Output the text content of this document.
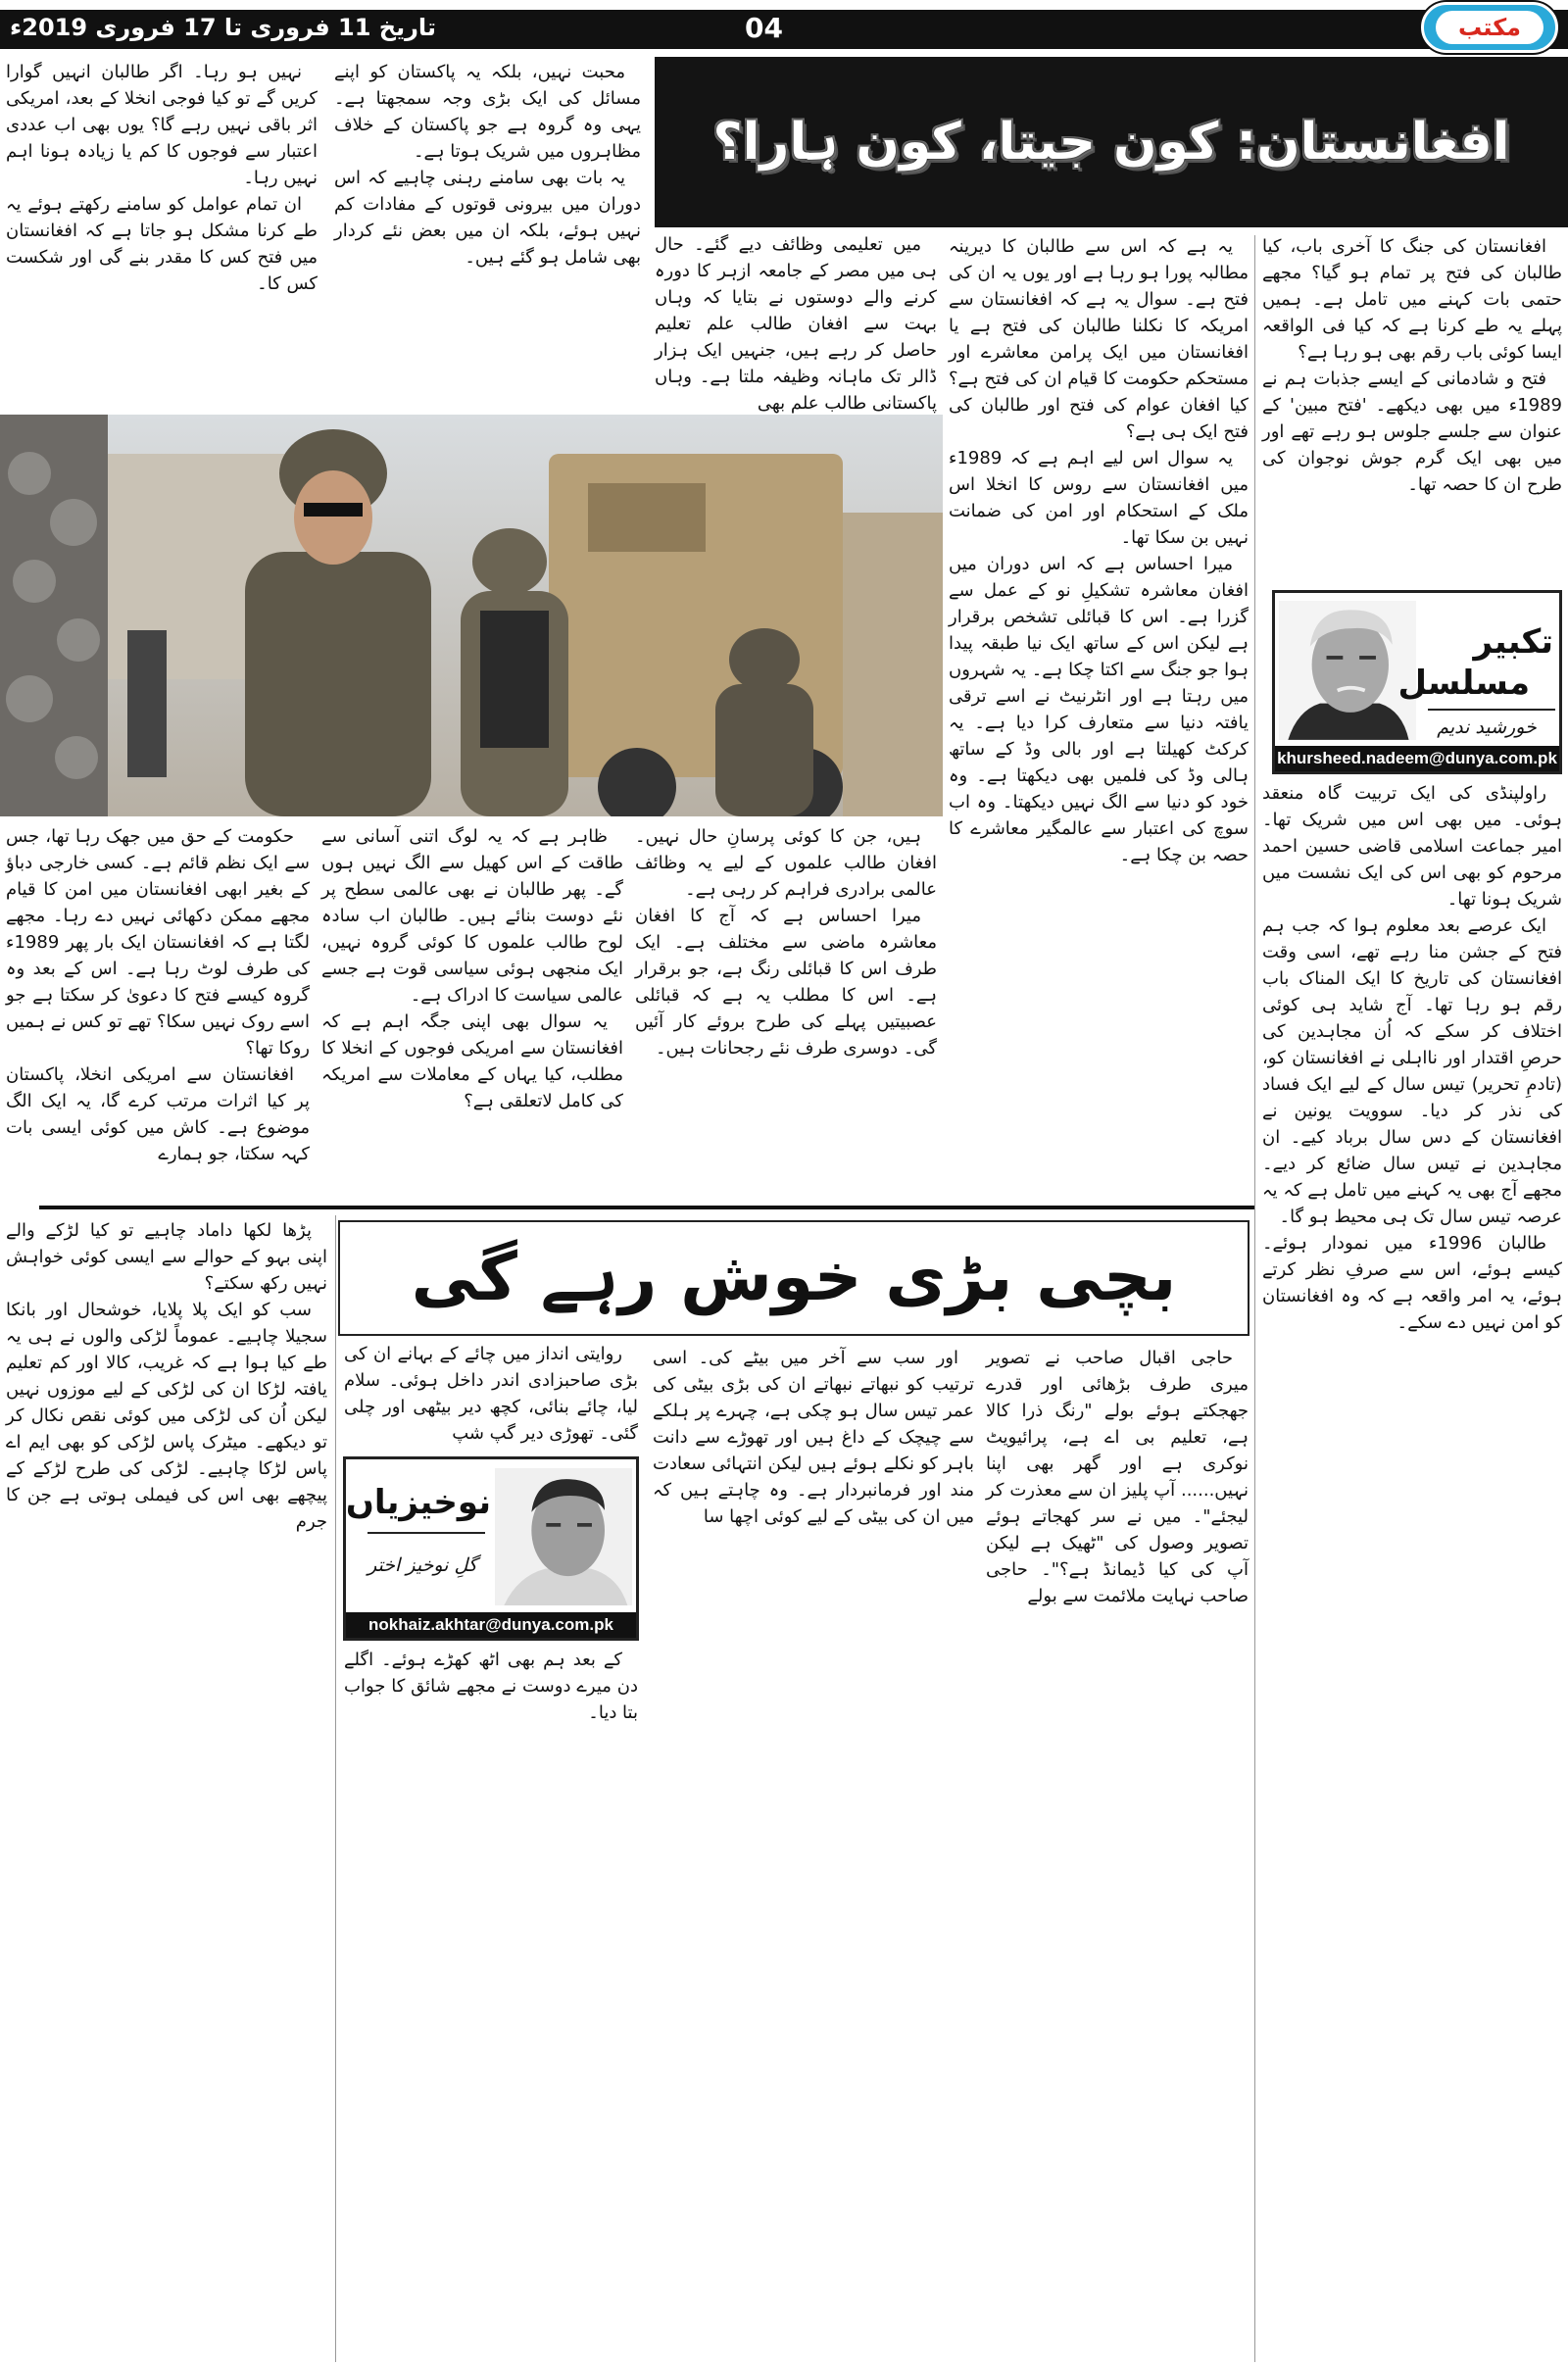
تاریخ 11 فروری تا 17 فروری 2019ء	04	مکتب
افغانستان: کون جیتا، کون ہارا؟

نہیں ہو رہا۔ اگر طالبان انہیں گوارا کریں گے تو کیا فوجی انخلا کے بعد، امریکی اثر باقی نہیں رہے گا؟ یوں بھی اب عددی اعتبار سے فوجوں کا کم یا زیادہ ہونا اہم نہیں رہا۔

ان تمام عوامل کو سامنے رکھتے ہوئے یہ طے کرنا مشکل ہو جاتا ہے کہ افغانستان میں فتح کس کا مقدر بنے گی اور شکست کس کا۔

محبت نہیں، بلکہ یہ پاکستان کو اپنے مسائل کی ایک بڑی وجہ سمجھتا ہے۔ یہی وہ گروہ ہے جو پاکستان کے خلاف مظاہروں میں شریک ہوتا ہے۔

یہ بات بھی سامنے رہنی چاہیے کہ اس دوران میں بیرونی قوتوں کے مفادات کم نہیں ہوئے، بلکہ ان میں بعض نئے کردار بھی شامل ہو گئے ہیں۔

میں تعلیمی وظائف دیے گئے۔ حال ہی میں مصر کے جامعہ ازہر کا دورہ کرنے والے دوستوں نے بتایا کہ وہاں بہت سے افغان طالب علم تعلیم حاصل کر رہے ہیں، جنہیں ایک ہزار ڈالر تک ماہانہ وظیفہ ملتا ہے۔ وہاں پاکستانی طالب علم بھی

یہ ہے کہ اس سے طالبان کا دیرینہ مطالبہ پورا ہو رہا ہے اور یوں یہ ان کی فتح ہے۔ سوال یہ ہے کہ افغانستان سے امریکہ کا نکلنا طالبان کی فتح ہے یا افغانستان میں ایک پرامن معاشرے اور مستحکم حکومت کا قیام ان کی فتح ہے؟ کیا افغان عوام کی فتح اور طالبان کی فتح ایک ہی ہے؟

یہ سوال اس لیے اہم ہے کہ 1989ء میں افغانستان سے روس کا انخلا اس ملک کے استحکام اور امن کی ضمانت نہیں بن سکا تھا۔

میرا احساس ہے کہ اس دوران میں افغان معاشرہ تشکیلِ نو کے عمل سے گزرا ہے۔ اس کا قبائلی تشخص برقرار ہے لیکن اس کے ساتھ ایک نیا طبقہ پیدا ہوا جو جنگ سے اکتا چکا ہے۔ یہ شہروں میں رہتا ہے اور انٹرنیٹ نے اسے ترقی یافتہ دنیا سے متعارف کرا دیا ہے۔ یہ کرکٹ کھیلتا ہے اور بالی وڈ کے ساتھ ہالی وڈ کی فلمیں بھی دیکھتا ہے۔ وہ خود کو دنیا سے الگ نہیں دیکھتا۔ وہ اب سوچ کی اعتبار سے عالمگیر معاشرے کا حصہ بن چکا ہے۔

افغانستان کی جنگ کا آخری باب، کیا طالبان کی فتح پر تمام ہو گیا؟ مجھے حتمی بات کہنے میں تامل ہے۔ ہمیں پہلے یہ طے کرنا ہے کہ کیا فی الواقعہ ایسا کوئی باب رقم بھی ہو رہا ہے؟

فتح و شادمانی کے ایسے جذبات ہم نے 1989ء میں بھی دیکھے۔ 'فتح مبین' کے عنوان سے جلسے جلوس ہو رہے تھے اور میں بھی ایک گرم جوش نوجوان کی طرح ان کا حصہ تھا۔

تکبیر
مسلسل
خورشید ندیم
khursheed.nadeem@dunya.com.pk

راولپنڈی کی ایک تربیت گاہ منعقد ہوئی۔ میں بھی اس میں شریک تھا۔ امیر جماعت اسلامی قاضی حسین احمد مرحوم کو بھی اس کی ایک نشست میں شریک ہونا تھا۔

ایک عرصے بعد معلوم ہوا کہ جب ہم فتح کے جشن منا رہے تھے، اسی وقت افغانستان کی تاریخ کا ایک المناک باب رقم ہو رہا تھا۔ آج شاید ہی کوئی اختلاف کر سکے کہ اُن مجاہدین کی حرصِ اقتدار اور نااہلی نے افغانستان کو، (تادمِ تحریر) تیس سال کے لیے ایک فساد کی نذر کر دیا۔ سوویت یونین نے افغانستان کے دس سال برباد کیے۔ ان مجاہدین نے تیس سال ضائع کر دیے۔ مجھے آج بھی یہ کہنے میں تامل ہے کہ یہ عرصہ تیس سال تک ہی محیط ہو گا۔

طالبان 1996ء میں نمودار ہوئے۔ کیسے ہوئے، اس سے صرفِ نظر کرتے ہوئے، یہ امر واقعہ ہے کہ وہ افغانستان کو امن نہیں دے سکے۔

حکومت کے حق میں جھک رہا تھا، جس سے ایک نظم قائم ہے۔ کسی خارجی دباؤ کے بغیر ابھی افغانستان میں امن کا قیام مجھے ممکن دکھائی نہیں دے رہا۔ مجھے لگتا ہے کہ افغانستان ایک بار پھر 1989ء کی طرف لوٹ رہا ہے۔ اس کے بعد وہ گروہ کیسے فتح کا دعویٰ کر سکتا ہے جو اسے روک نہیں سکا؟ تھے تو کس نے ہمیں روکا تھا؟

افغانستان سے امریکی انخلا، پاکستان پر کیا اثرات مرتب کرے گا، یہ ایک الگ موضوع ہے۔ کاش میں کوئی ایسی بات کہہ سکتا، جو ہمارے

ظاہر ہے کہ یہ لوگ اتنی آسانی سے طاقت کے اس کھیل سے الگ نہیں ہوں گے۔ پھر طالبان نے بھی عالمی سطح پر نئے دوست بنائے ہیں۔ طالبان اب سادہ لوح طالب علموں کا کوئی گروہ نہیں، ایک منجھی ہوئی سیاسی قوت ہے جسے عالمی سیاست کا ادراک ہے۔

یہ سوال بھی اپنی جگہ اہم ہے کہ افغانستان سے امریکی فوجوں کے انخلا کا مطلب، کیا یہاں کے معاملات سے امریکہ کی کامل لاتعلقی ہے؟

ہیں، جن کا کوئی پرسانِ حال نہیں۔ افغان طالب علموں کے لیے یہ وظائف عالمی برادری فراہم کر رہی ہے۔

میرا احساس ہے کہ آج کا افغان معاشرہ ماضی سے مختلف ہے۔ ایک طرف اس کا قبائلی رنگ ہے، جو برقرار ہے۔ اس کا مطلب یہ ہے کہ قبائلی عصبیتیں پہلے کی طرح بروئے کار آئیں گی۔ دوسری طرف نئے رجحانات ہیں۔

بچی بڑی خوش رہے گی

پڑھا لکھا داماد چاہیے تو کیا لڑکے والے اپنی بہو کے حوالے سے ایسی کوئی خواہش نہیں رکھ سکتے؟

سب کو ایک پلا پلایا، خوشحال اور بانکا سجیلا چاہیے۔ عموماً لڑکی والوں نے ہی یہ طے کیا ہوا ہے کہ غریب، کالا اور کم تعلیم یافتہ لڑکا ان کی لڑکی کے لیے موزوں نہیں لیکن اُن کی لڑکی میں کوئی نقص نکال کر تو دیکھے۔ میٹرک پاس لڑکی کو بھی ایم اے پاس لڑکا چاہیے۔ لڑکی کی طرح لڑکے کے پیچھے بھی اس کی فیملی ہوتی ہے جن کا جرم

روایتی انداز میں چائے کے بہانے ان کی بڑی صاحبزادی اندر داخل ہوئی۔ سلام لیا، چائے بنائی، کچھ دیر بیٹھی اور چلی گئی۔ تھوڑی دیر گپ شپ

نوخیزیاں
گلِ نوخیز اختر
nokhaiz.akhtar@dunya.com.pk

کے بعد ہم بھی اٹھ کھڑے ہوئے۔ اگلے دن میرے دوست نے مجھے شائق کا جواب بتا دیا۔

اور سب سے آخر میں بیٹے کی۔ اسی ترتیب کو نبھاتے نبھاتے ان کی بڑی بیٹی کی عمر تیس سال ہو چکی ہے، چہرے پر ہلکے سے چیچک کے داغ ہیں اور تھوڑے سے دانت باہر کو نکلے ہوئے ہیں لیکن انتہائی سعادت مند اور فرمانبردار ہے۔ وہ چاہتے ہیں کہ میں ان کی بیٹی کے لیے کوئی اچھا سا

حاجی اقبال صاحب نے تصویر میری طرف بڑھائی اور قدرے جھجکتے ہوئے بولے "رنگ ذرا کالا ہے، تعلیم بی اے ہے، پرائیویٹ نوکری ہے اور گھر بھی اپنا نہیں...... آپ پلیز ان سے معذرت کر لیجئے"۔ میں نے سر کھجاتے ہوئے تصویر وصول کی "ٹھیک ہے لیکن آپ کی کیا ڈیمانڈ ہے؟"۔ حاجی صاحب نہایت ملائمت سے بولے
